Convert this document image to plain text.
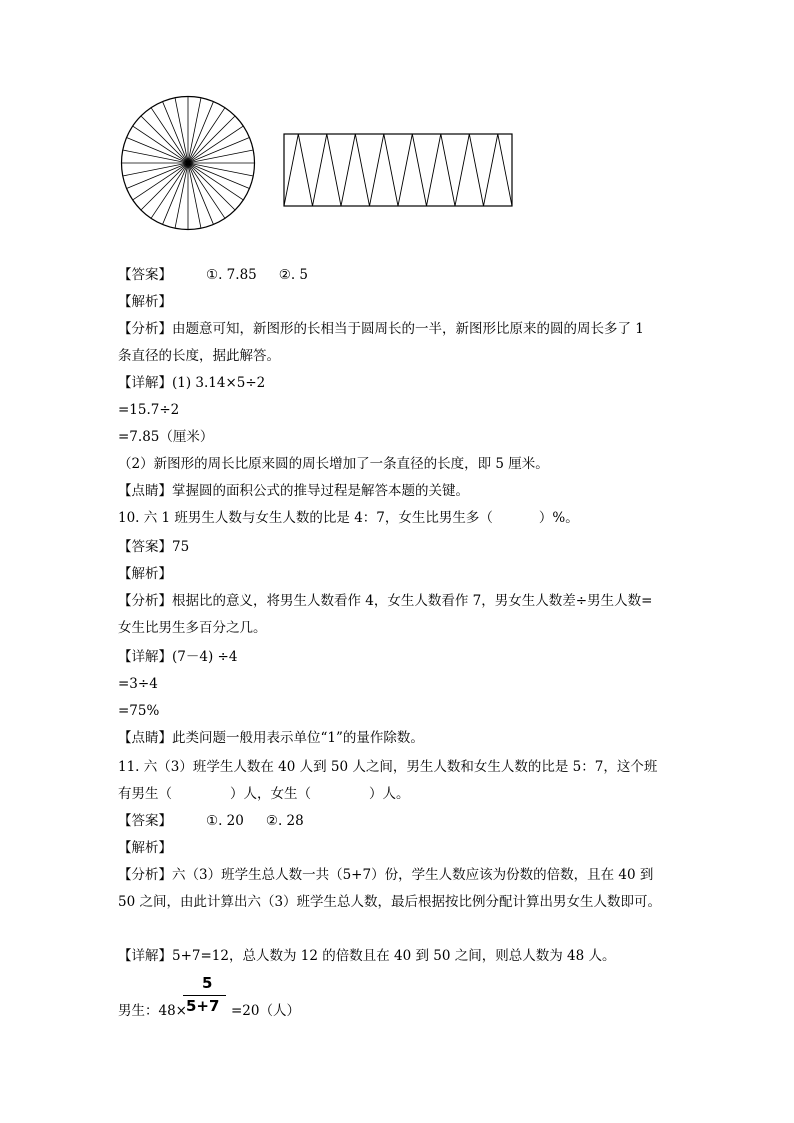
【答案】	①. 7.85 ②. 5
【解析】
【分析】由题意可知，新图形的长相当于圆周长的一半，新图形比原来的圆的周长多了 1
条直径的长度，据此解答。
【详解】(1) 3.14×5÷2
=15.7÷2
=7.85（厘米）
（2）新图形的周长比原来圆的周长增加了一条直径的长度，即 5 厘米。
【点睛】掌握圆的面积公式的推导过程是解答本题的关键。
10. 六 1 班男生人数与女生人数的比是 4：7，女生比男生多（	）%。
【答案】75
【解析】
【分析】根据比的意义，将男生人数看作 4，女生人数看作 7，男女生人数差÷男生人数=
女生比男生多百分之几。
【详解】(7－4) ÷4
=3÷4
=75%
【点睛】此类问题一般用表示单位“1”的量作除数。
11. 六（3）班学生人数在 40 人到 50 人之间，男生人数和女生人数的比是 5：7，这个班
有男生（	）人，女生（	）人。
【答案】	①. 20 ②. 28
【解析】
【分析】六（3）班学生总人数一共（5+7）份，学生人数应该为份数的倍数，且在 40 到
50 之间，由此计算出六（3）班学生总人数，最后根据按比例分配计算出男女生人数即可。
【详解】5+7=12，总人数为 12 的倍数且在 40 到 50 之间，则总人数为 48 人。
5
5+7
男生：48×	=20（人）
